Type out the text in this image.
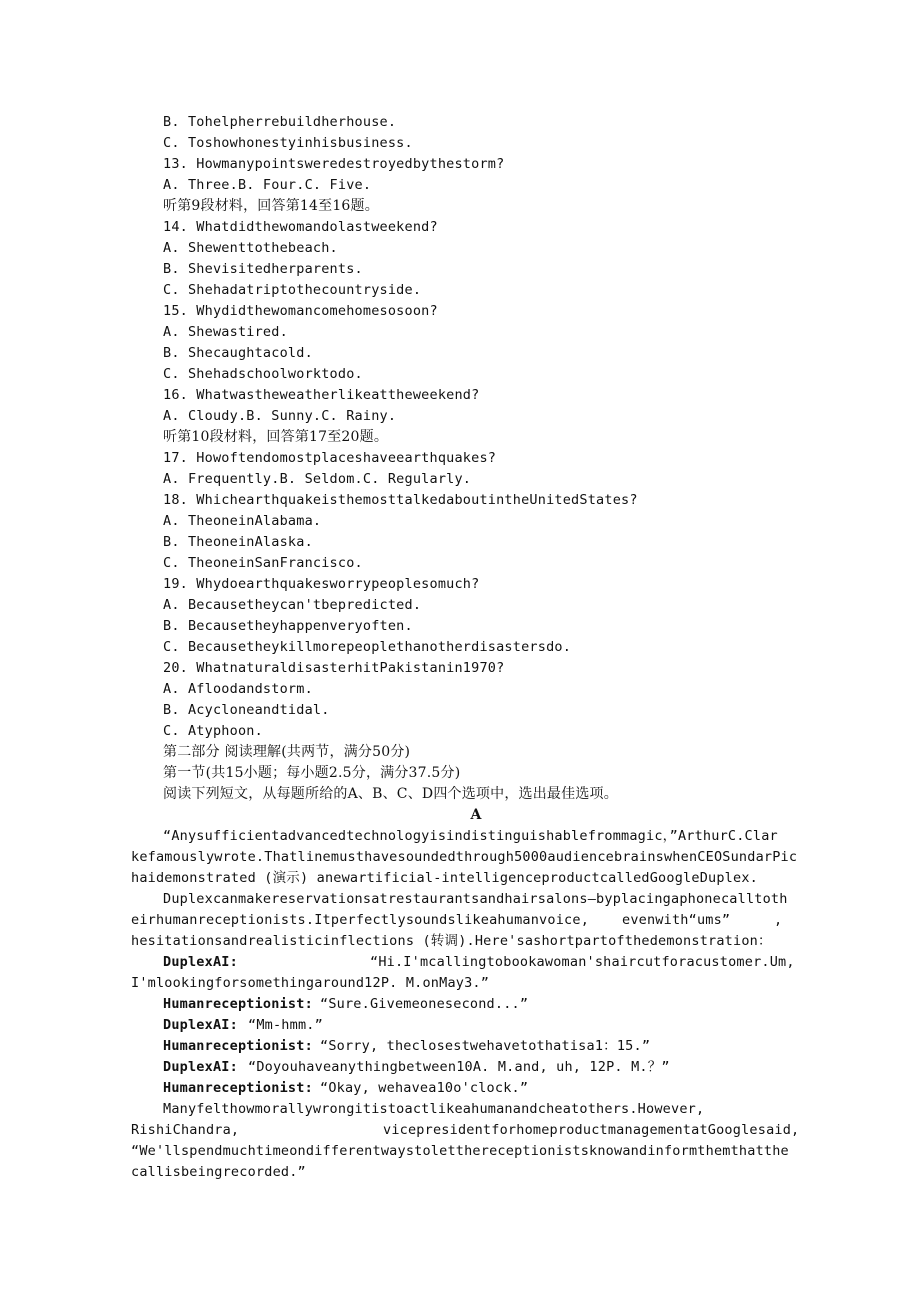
B. Tohelpherrebuildherhouse.
C. Toshowhonestyinhisbusiness.
13. Howmanypointsweredestroyedbythestorm?
A. Three.B. Four.C. Five.
听第9段材料，回答第14至16题。
14. Whatdidthewomandolastweekend?
A. Shewenttothebeach.
B. Shevisitedherparents.
C. Shehadatriptothecountryside.
15. Whydidthewomancomehomesosoon?
A. Shewastired.
B. Shecaughtacold.
C. Shehadschoolworktodo.
16. Whatwastheweatherlikeattheweekend?
A. Cloudy.B. Sunny.C. Rainy.
听第10段材料，回答第17至20题。
17. Howoftendomostplaceshaveearthquakes?
A. Frequently.B. Seldom.C. Regularly.
18. WhichearthquakeisthemosttalkedaboutintheUnitedStates?
A. TheoneinAlabama.
B. TheoneinAlaska.
C. TheoneinSanFrancisco.
19. Whydoearthquakesworrypeoplesomuch?
A. Becausetheycan'tbepredicted.
B. Becausetheyhappenveryoften.
C. Becausetheykillmorepeoplethanotherdisastersdo.
20. WhatnaturaldisasterhitPakistanin1970?
A. Afloodandstorm.
B. Acycloneandtidal.
C. Atyphoon.
第二部分 阅读理解(共两节，满分50分)
第一节(共15小题；每小题2.5分，满分37.5分)
阅读下列短文，从每题所给的A、B、C、D四个选项中，选出最佳选项。
A
“Anysufficientadvancedtechnologyisindistinguishablefrommagic，”ArthurC.Clar
kefamouslywrote.Thatlinemusthavesoundedthrough5000audiencebrainswhenCEOSundarPic
haidemonstrated (演示) anewartificial-intelligenceproductcalledGoogleDuplex.
Duplexcanmakereservationsatrestaurantsandhairsalons—byplacingaphonecalltoth
eirhumanreceptionists.Itperfectlysoundslikeahumanvoice, evenwith“ums”	,
hesitationsandrealisticinflections (转调).Here'sashortpartofthedemonstration：
DuplexAI:	“Hi.I'mcallingtobookawoman'shaircutforacustomer.Um,
I'mlookingforsomethingaround12P. M.onMay3.”
Humanreceptionist: “Sure.Givemeonesecond...”
DuplexAI: “Mm-hmm.”
Humanreceptionist: “Sorry, theclosestwehavetothatisa1：15.”
DuplexAI: “Doyouhaveanythingbetween10A. M.and, uh, 12P. M.？”
Humanreceptionist: “Okay, wehavea10o'clock.”
Manyfelthowmorallywrongitistoactlikeahumanandcheatothers.However,
RishiChandra,	vicepresidentforhomeproductmanagementatGooglesaid,
“We'llspendmuchtimeondifferentwaystoletthereceptionistsknowandinformthemthatthe
callisbeingrecorded.”
